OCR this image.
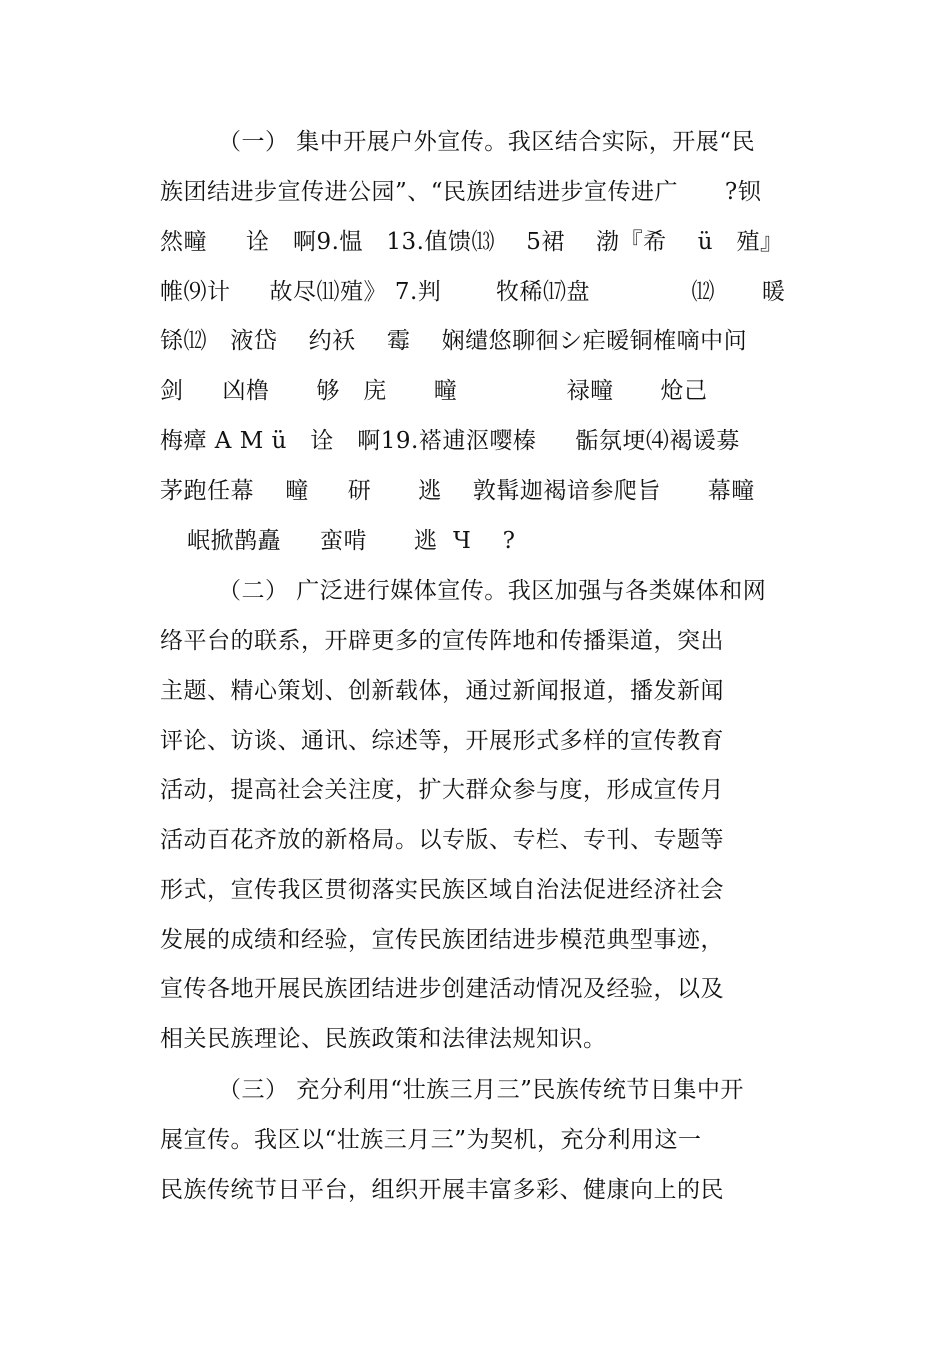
（一） 集中开展户外宣传。我区结合实际，开展“民
族团结进步宣传进公园”、“民族团结进步宣传进广      ?钡
然疃     诠   啊9.愠   13.值馈⒀    5裙    渤『希    ü   殖』
帷⑼计     故尽⑾殖》 7.判       牧稀⒄盘             ⑿      暖
铩⑿   液岱    约袄    霉    娴缱悠聊徊シ疟暧铜榷嘀中问
剑     凶橹      够   庑      疃              禄疃      炝己
梅瘴 A M ü   诠   啊19.褡逋沤嘤榛     骺氛埂⑷褐谖募
茅跑任幕    疃     研      逃    敦髯迦褐谙参爬旨      幕疃
岷掀鹊矗     蛮啃      逃  Ч    ?
（二） 广泛进行媒体宣传。我区加强与各类媒体和网
络平台的联系，开辟更多的宣传阵地和传播渠道，突出
主题、精心策划、创新载体，通过新闻报道，播发新闻
评论、访谈、通讯、综述等，开展形式多样的宣传教育
活动，提高社会关注度，扩大群众参与度，形成宣传月
活动百花齐放的新格局。以专版、专栏、专刊、专题等
形式，宣传我区贯彻落实民族区域自治法促进经济社会
发展的成绩和经验，宣传民族团结进步模范典型事迹，
宣传各地开展民族团结进步创建活动情况及经验，以及
相关民族理论、民族政策和法律法规知识。
（三） 充分利用“壮族三月三”民族传统节日集中开
展宣传。我区以“壮族三月三”为契机，充分利用这一
民族传统节日平台，组织开展丰富多彩、健康向上的民
